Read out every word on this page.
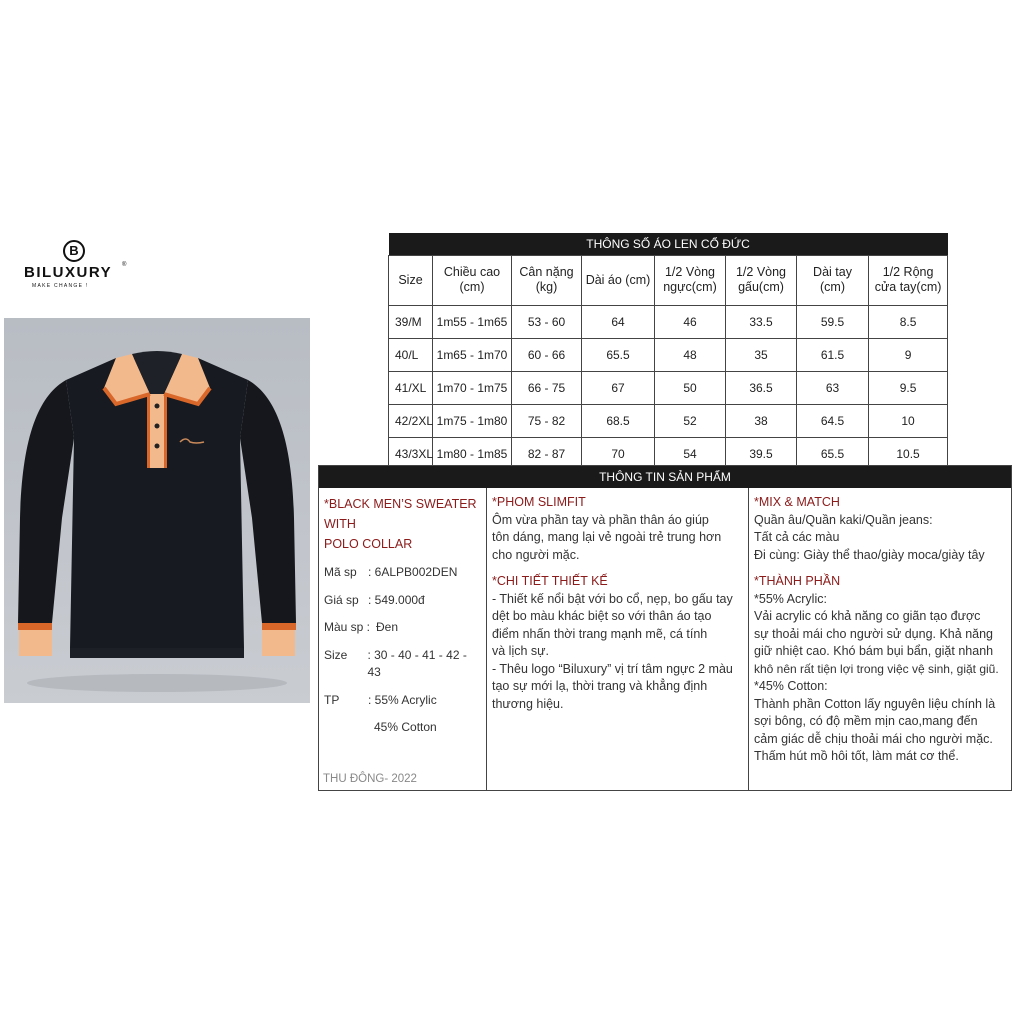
B
BILUXURY ®
MAKE CHANGE !
THÔNG SỐ ÁO LEN CỔ ĐỨC							
Size	Chiều cao (cm)	Cân nặng (kg)	Dài áo (cm)	1/2 Vòng ngực(cm)	1/2 Vòng gấu(cm)	Dài tay (cm)	1/2 Rộng cửa tay(cm)
39/M	1m55 - 1m65	53 - 60	64	46	33.5	59.5	8.5
40/L	1m65 - 1m70	60 - 66	65.5	48	35	61.5	9
41/XL	1m70 - 1m75	66 - 75	67	50	36.5	63	9.5
42/2XL	1m75 - 1m80	75 - 82	68.5	52	38	64.5	10
43/3XL	1m80 - 1m85	82 - 87	70	54	39.5	65.5	10.5
THÔNG TIN SẢN PHẨM
*BLACK MEN’S SWEATER WITH
POLO COLLAR
Mã sp : 6ALPB002DEN
Giá sp : 549.000đ
Màu sp : Đen
Size	: 30 - 40 - 41 - 42 - 43
TP	: 55% Acrylic
45% Cotton
THU ĐÔNG- 2022
*PHOM SLIMFIT
Ôm vừa phần tay và phần thân áo giúp
tôn dáng, mang lại vẻ ngoài trẻ trung hơn
cho người mặc.
*CHI TIẾT THIẾT KẾ
- Thiết kế nổi bật với bo cổ, nẹp, bo gấu tay
dệt bo màu khác biệt so với thân áo tạo
điểm nhấn thời trang mạnh mẽ, cá tính
và lịch sự.
- Thêu logo “Biluxury” vị trí tâm ngực 2 màu
tạo sự mới lạ, thời trang và khẳng định
thương hiệu.
*MIX & MATCH
Quần âu/Quần kaki/Quần jeans:
Tất cả các màu
Đi cùng: Giày thể thao/giày moca/giày tây
*THÀNH PHẦN
*55% Acrylic:
Vải acrylic có khả năng co giãn tạo được
sự thoải mái cho người sử dụng. Khả năng
giữ nhiệt cao. Khó bám bụi bẩn, giặt nhanh
khô nên rất tiện lợi trong việc vệ sinh, giặt giũ.
*45% Cotton:
Thành phần Cotton lấy nguyên liệu chính là
sợi bông, có độ mềm mịn cao,mang đến
cảm giác dễ chịu thoải mái cho người mặc.
Thấm hút mồ hôi tốt, làm mát cơ thể.
